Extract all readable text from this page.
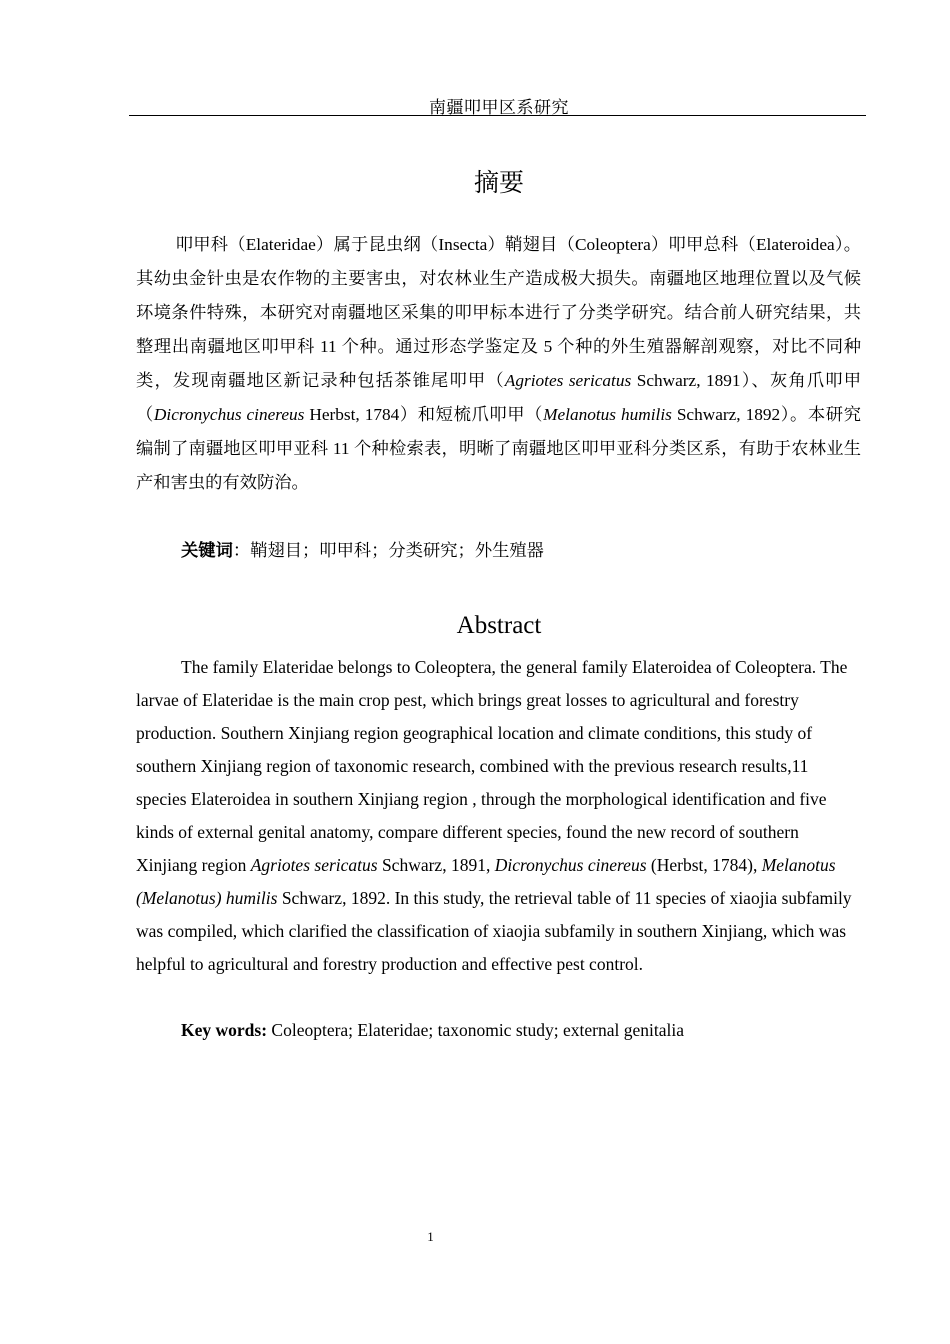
南疆叩甲区系研究
摘要

叩甲科（Elateridae）属于昆虫纲（Insecta）鞘翅目（Coleoptera）叩甲总科（Elateroidea）。其幼虫金针虫是农作物的主要害虫，对农林业生产造成极大损失。南疆地区地理位置以及气候环境条件特殊，本研究对南疆地区采集的叩甲标本进行了分类学研究。结合前人研究结果，共整理出南疆地区叩甲科 11 个种。通过形态学鉴定及 5 个种的外生殖器解剖观察，对比不同种类，发现南疆地区新记录种包括茶锥尾叩甲（Agriotes sericatus Schwarz, 1891）、灰角爪叩甲（Dicronychus cinereus Herbst, 1784）和短梳爪叩甲（Melanotus humilis Schwarz, 1892）。本研究编制了南疆地区叩甲亚科 11 个种检索表，明晰了南疆地区叩甲亚科分类区系，有助于农林业生产和害虫的有效防治。

关键词：鞘翅目；叩甲科；分类研究；外生殖器
Abstract

The family Elateridae belongs to Coleoptera, the general family Elateroidea of Coleoptera. The larvae of Elateridae is the main crop pest, which brings great losses to agricultural and forestry production. Southern Xinjiang region geographical location and climate conditions, this study of southern Xinjiang region of taxonomic research, combined with the previous research results,11 species Elateroidea in southern Xinjiang region , through the morphological identification and five kinds of external genital anatomy, compare different species, found the new record of southern Xinjiang region Agriotes sericatus Schwarz, 1891, Dicronychus cinereus (Herbst, 1784), Melanotus (Melanotus) humilis Schwarz, 1892. In this study, the retrieval table of 11 species of xiaojia subfamily was compiled, which clarified the classification of xiaojia subfamily in southern Xinjiang, which was helpful to agricultural and forestry production and effective pest control.

Key words: Coleoptera; Elateridae; taxonomic study; external genitalia
1
